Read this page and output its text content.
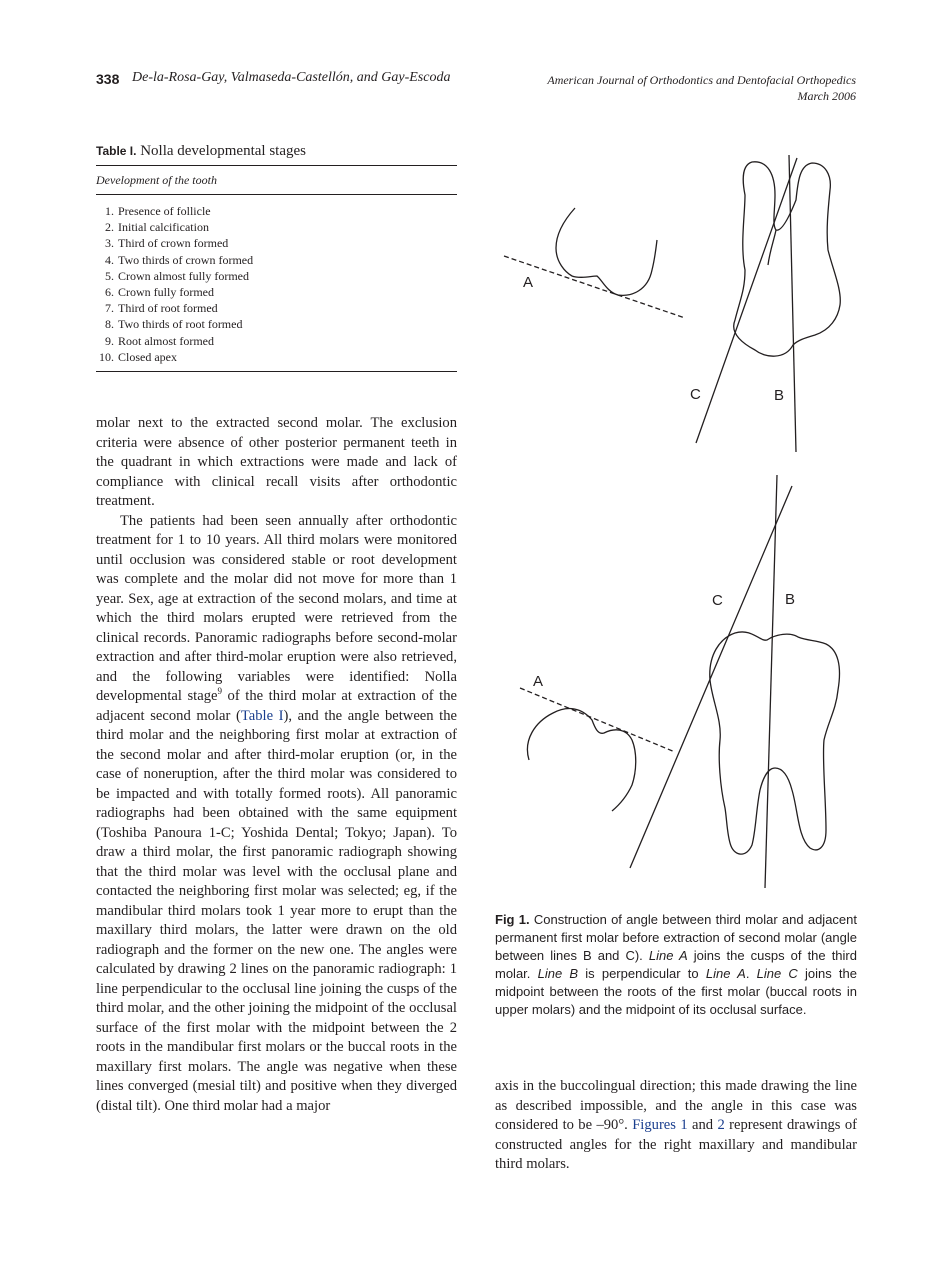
338 De-la-Rosa-Gay, Valmaseda-Castellón, and Gay-Escoda	American Journal of Orthodontics and Dentofacial Orthopedics
March 2006
Table I. Nolla developmental stages
Development of the tooth
1. Presence of follicle
2. Initial calcification
3. Third of crown formed
4. Two thirds of crown formed
5. Crown almost fully formed
6. Crown fully formed
7. Third of root formed
8. Two thirds of root formed
9. Root almost formed
10. Closed apex

molar next to the extracted second molar. The exclusion criteria were absence of other posterior permanent teeth in the quadrant in which extractions were made and lack of compliance with clinical recall visits after orthodontic treatment.

The patients had been seen annually after orthodontic treatment for 1 to 10 years. All third molars were monitored until occlusion was considered stable or root development was complete and the molar did not move for more than 1 year. Sex, age at extraction of the second molars, and time at which the third molars erupted were retrieved from the clinical records. Panoramic radiographs before second-molar extraction and after third-molar eruption were also retrieved, and the following variables were identified: Nolla developmental stage$^9$ of the third molar at extraction of the adjacent second molar (Table I), and the angle between the third molar and the neighboring first molar at extraction of the second molar and after third-molar eruption (or, in the case of noneruption, after the third molar was considered to be impacted and with totally formed roots). All panoramic radiographs had been obtained with the same equipment (Toshiba Panoura 1-C; Yoshida Dental; Tokyo; Japan). To draw a third molar, the first panoramic radiograph showing that the third molar was level with the occlusal plane and contacted the neighboring first molar was selected; eg, if the mandibular third molars took 1 year more to erupt than the maxillary third molars, the latter were drawn on the old radiograph and the former on the new one. The angles were calculated by drawing 2 lines on the panoramic radiograph: 1 line perpendicular to the occlusal line joining the cusps of the third molar, and the other joining the midpoint of the occlusal surface of the first molar with the midpoint between the 2 roots in the mandibular first molars or the buccal roots in the maxillary first molars. The angle was negative when these lines converged (mesial tilt) and positive when they diverged (distal tilt). One third molar had a major

A
C	B
C	B
A
Fig 1. Construction of angle between third molar and adjacent permanent first molar before extraction of second molar (angle between lines B and C). Line A joins the cusps of the third molar. Line B is perpendicular to Line A. Line C joins the midpoint between the roots of the first molar (buccal roots in upper molars) and the midpoint of its occlusal surface.

axis in the buccolingual direction; this made drawing the line as described impossible, and the angle in this case was considered to be –90°. Figures 1 and 2 represent drawings of constructed angles for the right maxillary and mandibular third molars.
